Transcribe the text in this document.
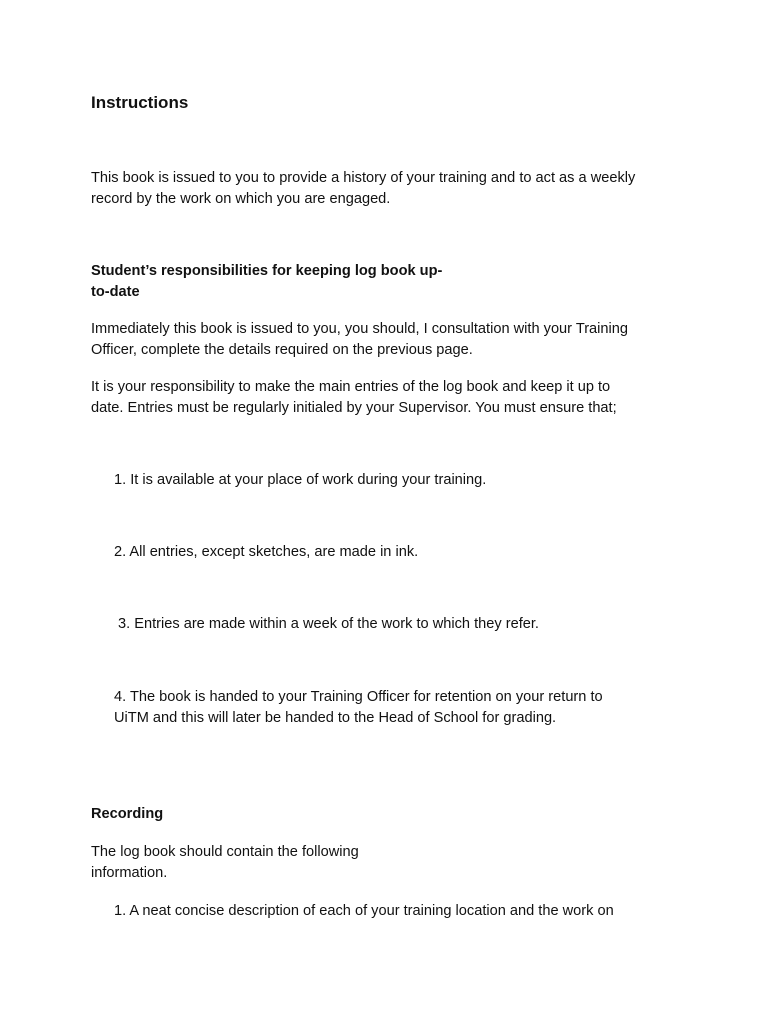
Instructions

This book is issued to you to provide a history of your training and to act as a weekly
record by the work on which you are engaged.

Student’s responsibilities for keeping log book up-
to-date

Immediately this book is issued to you, you should, I consultation with your Training
Officer, complete the details required on the previous page.

It is your responsibility to make the main entries of the log book and keep it up to
date. Entries must be regularly initialed by your Supervisor. You must ensure that;

1. It is available at your place of work during your training.

2. All entries, except sketches, are made in ink.

3. Entries are made within a week of the work to which they refer.

4. The book is handed to your Training Officer for retention on your return to
UiTM and this will later be handed to the Head of School for grading.

Recording

The log book should contain the following
information.

1. A neat concise description of each of your training location and the work on
